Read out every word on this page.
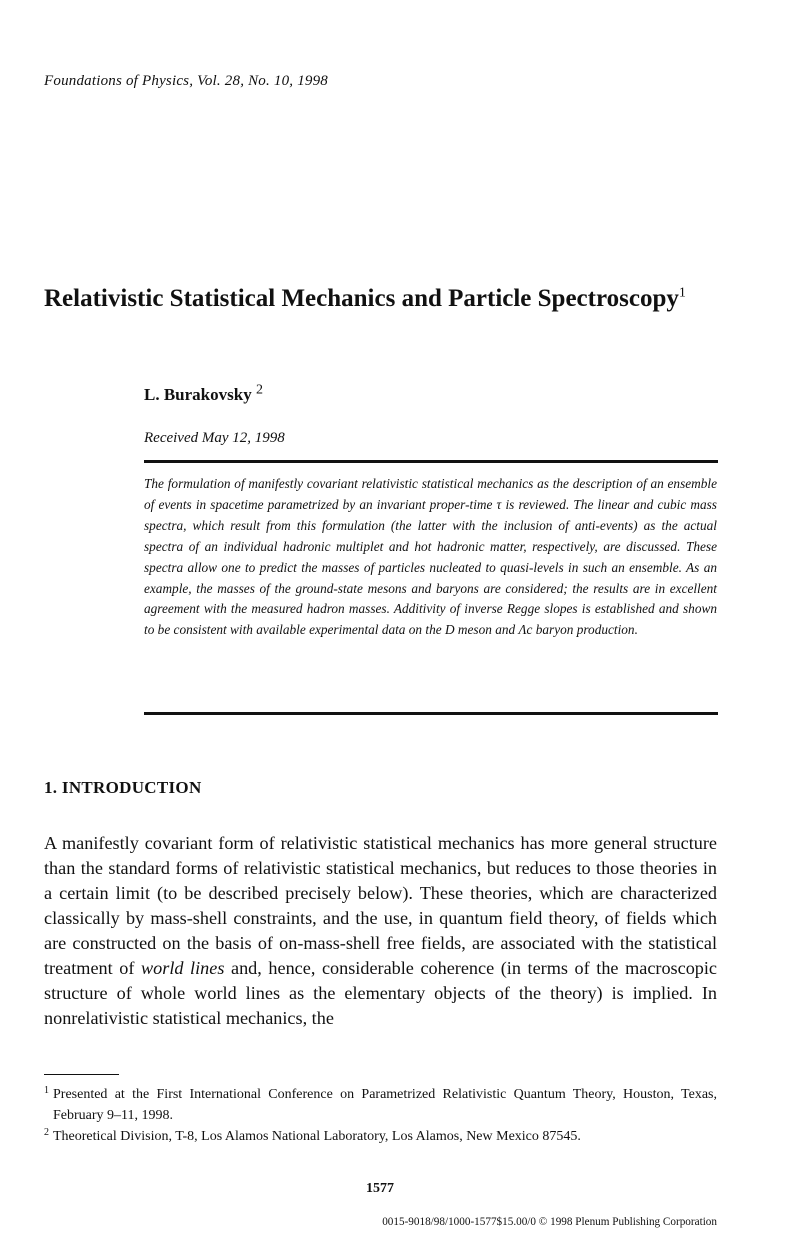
Foundations of Physics, Vol. 28, No. 10, 1998
Relativistic Statistical Mechanics and Particle Spectroscopy$^1$
L. Burakovsky $^2$
Received May 12, 1998
The formulation of manifestly covariant relativistic statistical mechanics as the description of an ensemble of events in spacetime parametrized by an invariant proper-time τ is reviewed. The linear and cubic mass spectra, which result from this formulation (the latter with the inclusion of anti-events) as the actual spectra of an individual hadronic multiplet and hot hadronic matter, respectively, are discussed. These spectra allow one to predict the masses of particles nucleated to quasi-levels in such an ensemble. As an example, the masses of the ground-state mesons and baryons are considered; the results are in excellent agreement with the measured hadron masses. Additivity of inverse Regge slopes is established and shown to be consistent with available experimental data on the D meson and Λc baryon production.
1. INTRODUCTION
A manifestly covariant form of relativistic statistical mechanics has more general structure than the standard forms of relativistic statistical mechanics, but reduces to those theories in a certain limit (to be described precisely below). These theories, which are characterized classically by mass-shell constraints, and the use, in quantum field theory, of fields which are constructed on the basis of on-mass-shell free fields, are associated with the statistical treatment of world lines and, hence, considerable coherence (in terms of the macroscopic structure of whole world lines as the elementary objects of the theory) is implied. In nonrelativistic statistical mechanics, the
1 Presented at the First International Conference on Parametrized Relativistic Quantum Theory, Houston, Texas, February 9–11, 1998.
2 Theoretical Division, T-8, Los Alamos National Laboratory, Los Alamos, New Mexico 87545.
1577
0015-9018/98/1000-1577$15.00/0 © 1998 Plenum Publishing Corporation
